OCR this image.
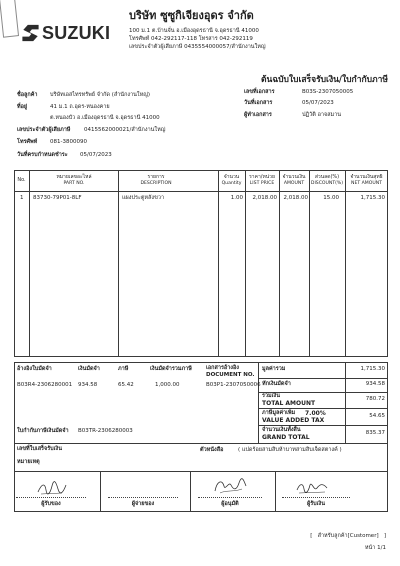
SUZUKI
บริษัท ซูซูกิเจียงอุดร จำกัด
100 ม.1 ต.บ้านจั่น อ.เมืองอุดรธานี จ.อุดรธานี 41000
โทรศัพท์ 042-292117-118 โทรสาร 042-292119
เลขประจำตัวผู้เสียภาษี 0435554000057/สำนักงานใหญ่
ต้นฉบับใบเสร็จรับเงิน/ใบกำกับภาษี
ชื่อลูกค้า บริษัทเอสไทรทรัพย์ จำกัด (สำนักงานใหญ่)
ที่อยู่	41 ม.1 ถ.อุดร-หนองคาย
ต.หนองบัว อ.เมืองอุดรธานี จ.อุดรธานี 41000
เลขประจำตัวผู้เสียภาษี 0415562000021/สำนักงานใหญ่
โทรศัพท์ 081-3800090
วันที่ครบกำหนดชำระ 05/07/2023
เลขที่เอกสาร	B03S-2307050005
วันที่เอกสาร	05/07/2023
ผู้ทำเอกสาร	ปฏิวัติ อาจสมาน
No.	หมายเลขอะไหล่
PART NO.
รายการ
DESCRIPTION
จำนวน
Quantity
ราคา/หน่วย
LIST PRICE
จำนวนเงิน
AMOUNT
ส่วนลด(%)
DISCOUNT(%)
จำนวนเงินสุทธิ
NET AMOUNT
1 83730-79P01-8LF	แผงประตูหลังขวา	1.00	2,018.00	2,018.00	15.00	1,715.30
อ้างอิงใบมัดจำ	เงินมัดจำ	ภาษี	เงินมัดจำรวมภาษี	เอกสารอ้างอิง
DOCUMENT NO.
B03R4-2306280001 934.58	65.42	1,000.00	B03P1-2307050006
ใบกำกับภาษีเงินมัดจำ B03TR-2306280003
มูลค่ารวม	1,715.30
หักเงินมัดจำ	934.58
รวมเงิน
TOTAL AMOUNT
780.72
ภาษีมูลค่าเพิ่ม 7.00%
VALUE ADDED TAX
54.65
จำนวนเงินทั้งสิ้น
GRAND TOTAL
835.37
เลขที่ใบเสร็จรับเงิน	ตัวหนังสือ	( แปดร้อยสามสิบห้าบาทสามสิบเจ็ดสตางค์ )
หมายเหตุ
ผู้รับของ	ผู้จ่ายของ	ผู้อนุมัติ	ผู้รับเงิน
[   สำหรับลูกค้า[Customer]   ]
หน้า 1/1
